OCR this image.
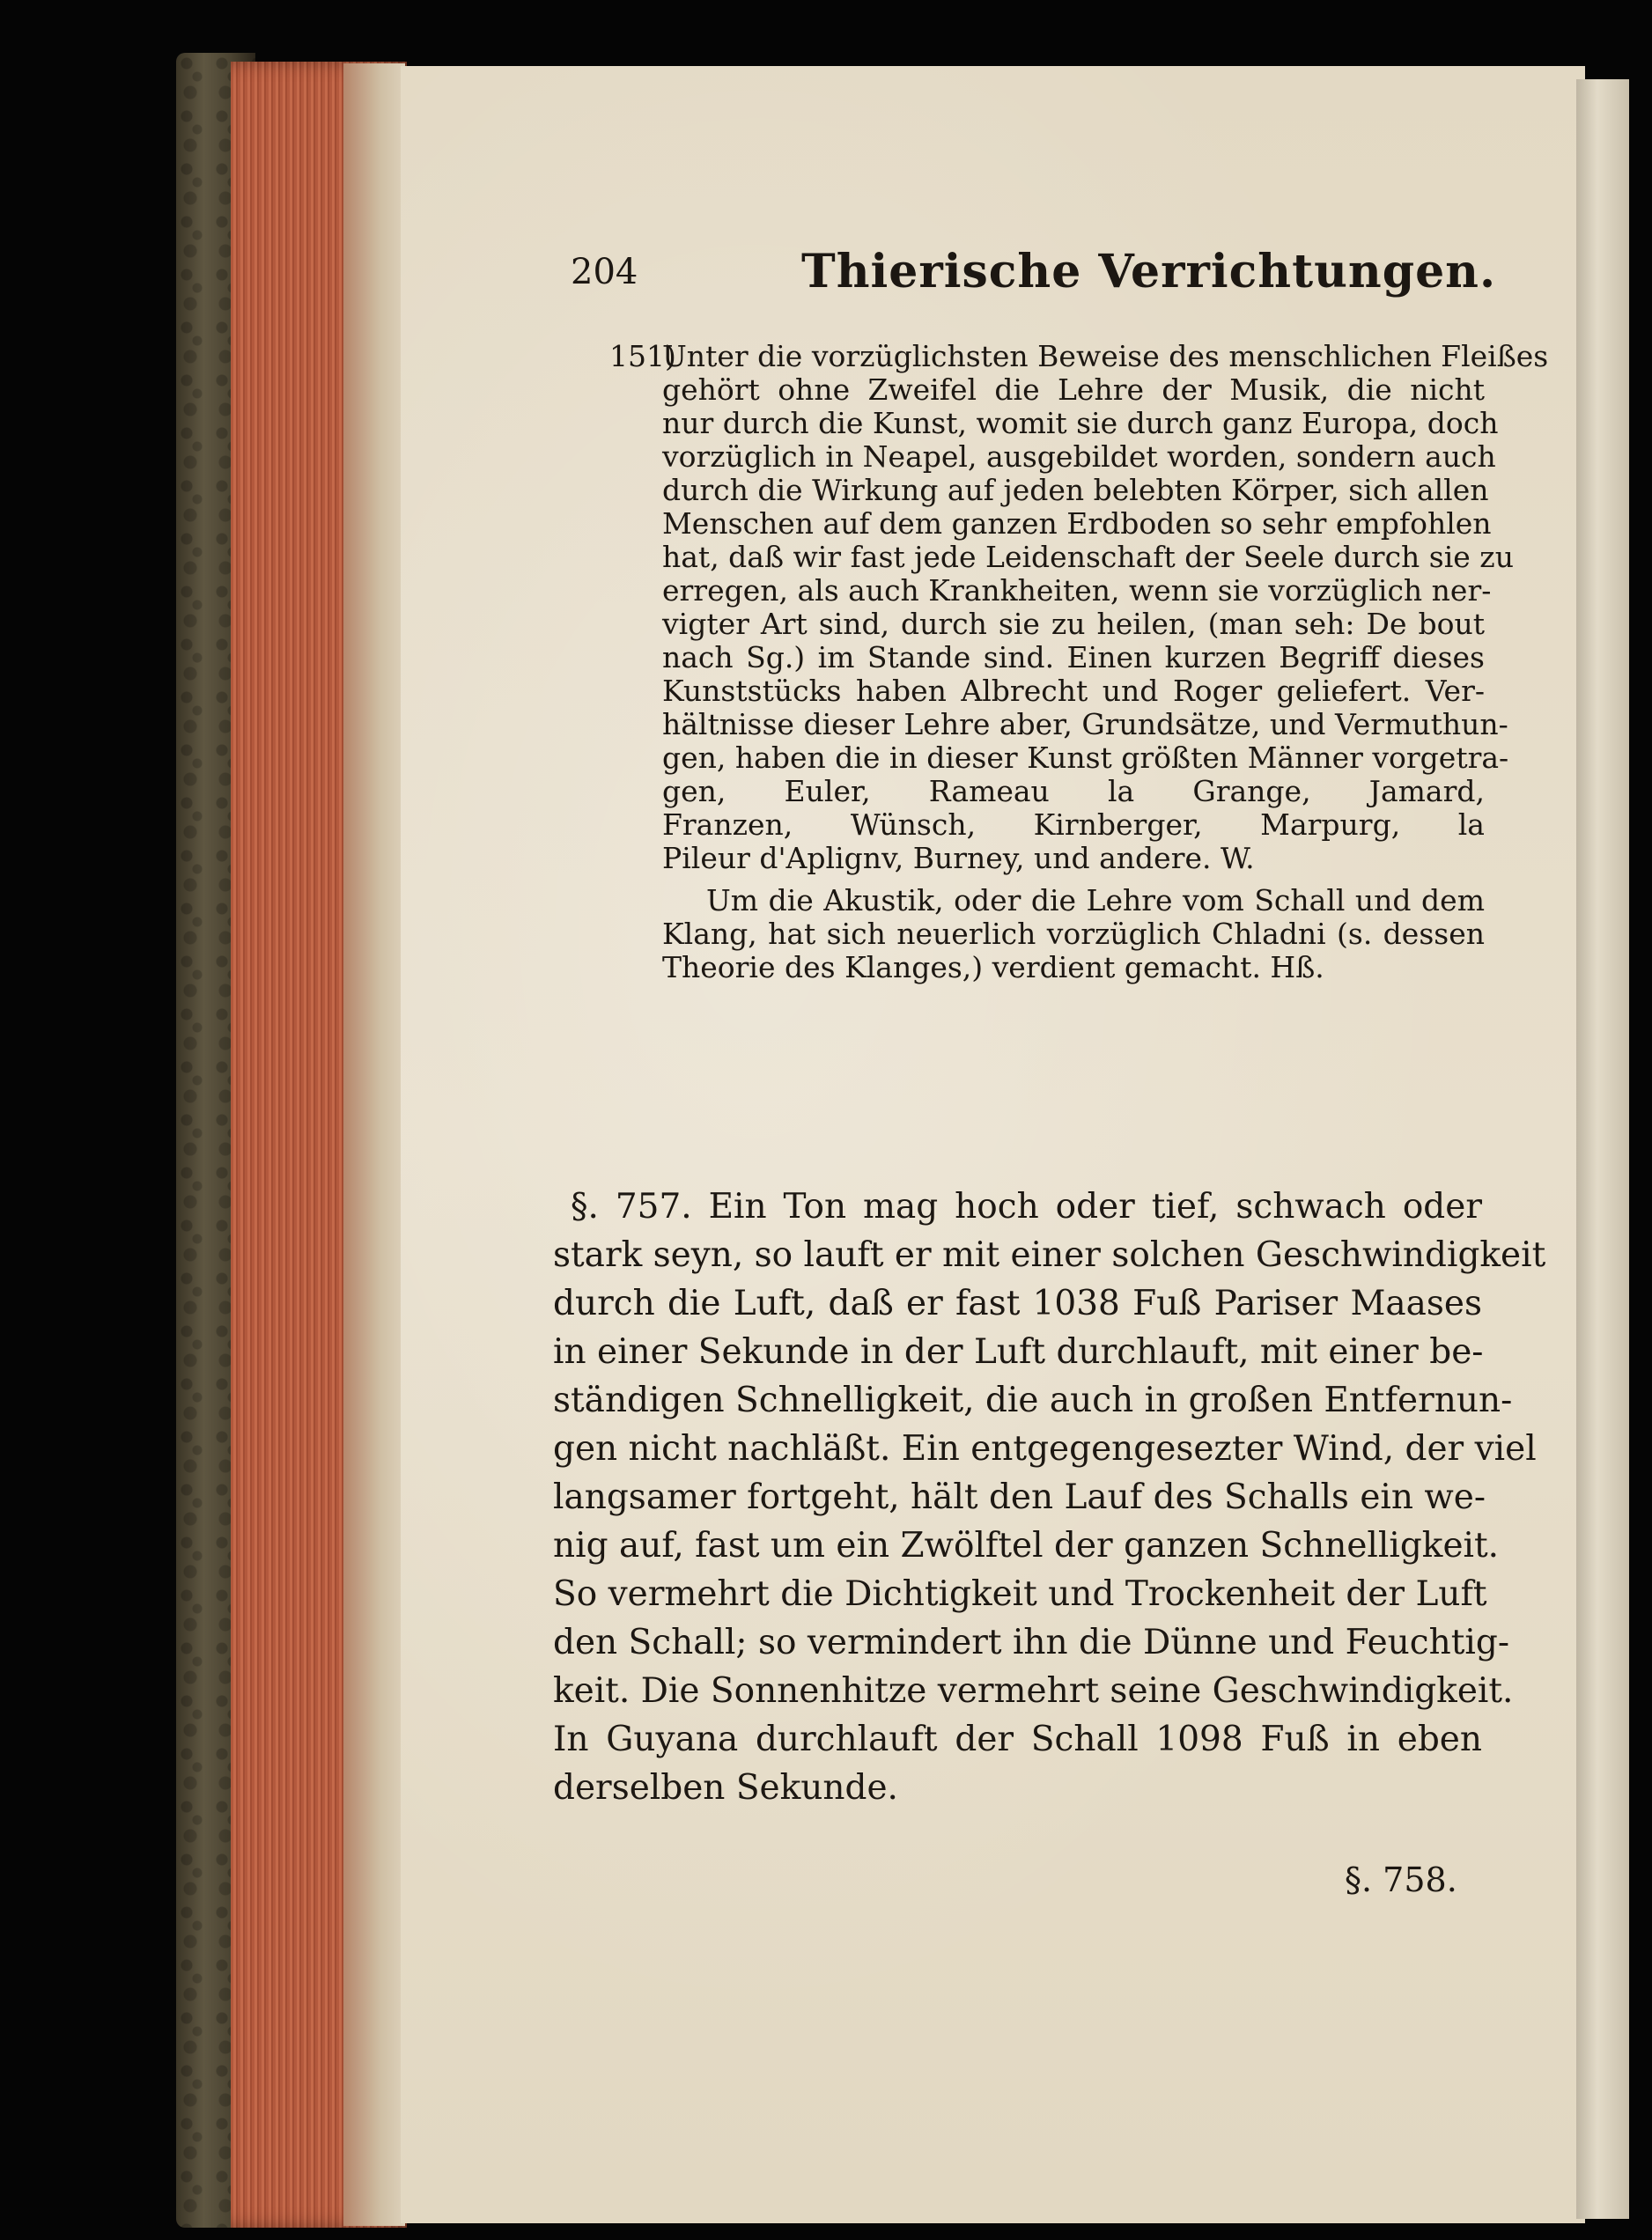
204	Thierische Verrichtungen.
151)
Unter die vorzüglichsten Beweise des menschlichen Fleißes
gehört ohne Zweifel die Lehre der Musik, die nicht
nur durch die Kunst, womit sie durch ganz Europa, doch
vorzüglich in Neapel, ausgebildet worden, sondern auch
durch die Wirkung auf jeden belebten Körper, sich allen
Menschen auf dem ganzen Erdboden so sehr empfohlen
hat, daß wir fast jede Leidenschaft der Seele durch sie zu
erregen, als auch Krankheiten, wenn sie vorzüglich ner-
vigter Art sind, durch sie zu heilen, (man seh: De bout
nach Sg.) im Stande sind. Einen kurzen Begriff dieses
Kunststücks haben Albrecht und Roger geliefert. Ver-
hältnisse dieser Lehre aber, Grundsätze, und Vermuthun-
gen, haben die in dieser Kunst größten Männer vorgetra-
gen, Euler, Rameau la Grange, Jamard,
Franzen, Wünsch, Kirnberger, Marpurg, la
Pileur d'Aplignv, Burney, und andere. W.
Um die Akustik, oder die Lehre vom Schall und dem
Klang, hat sich neuerlich vorzüglich Chladni (s. dessen
Theorie des Klanges,) verdient gemacht. Hß.
§. 757. Ein Ton mag hoch oder tief, schwach oder
stark seyn, so lauft er mit einer solchen Geschwindigkeit
durch die Luft, daß er fast 1038 Fuß Pariser Maases
in einer Sekunde in der Luft durchlauft, mit einer be-
ständigen Schnelligkeit, die auch in großen Entfernun-
gen nicht nachläßt. Ein entgegengesezter Wind, der viel
langsamer fortgeht, hält den Lauf des Schalls ein we-
nig auf, fast um ein Zwölftel der ganzen Schnelligkeit.
So vermehrt die Dichtigkeit und Trockenheit der Luft
den Schall; so vermindert ihn die Dünne und Feuchtig-
keit. Die Sonnenhitze vermehrt seine Geschwindigkeit.
In Guyana durchlauft der Schall 1098 Fuß in eben
derselben Sekunde.
§. 758.
